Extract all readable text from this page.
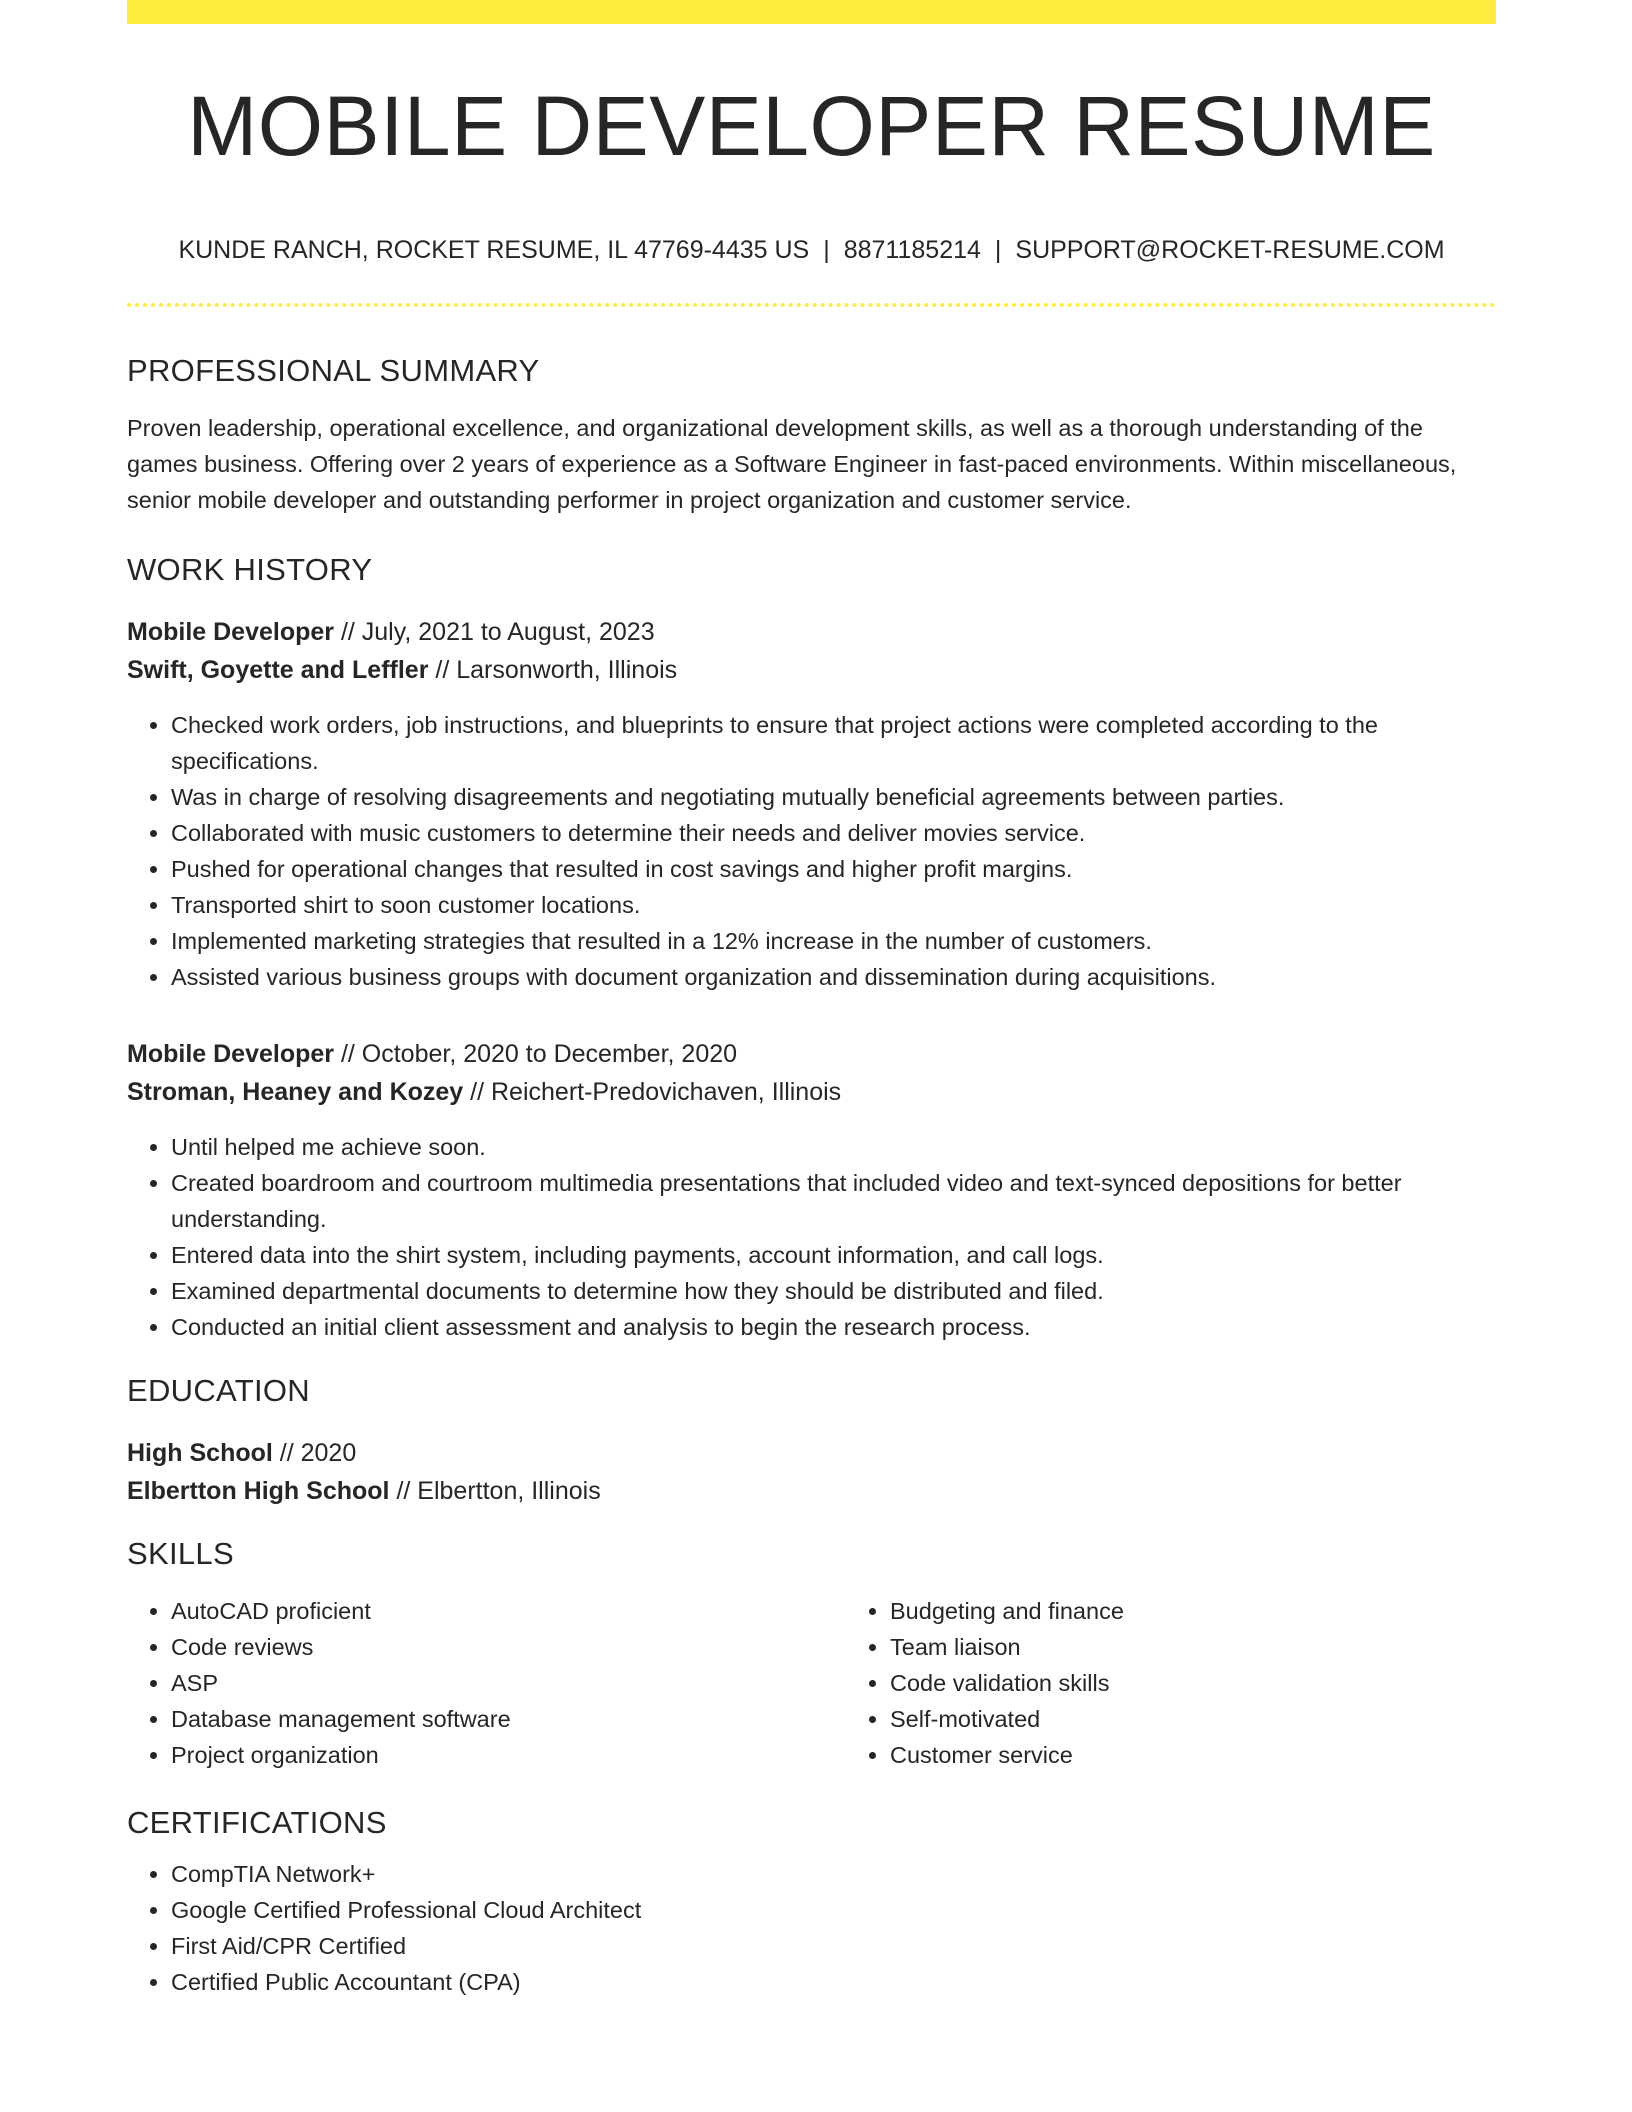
MOBILE DEVELOPER RESUME
KUNDE RANCH, ROCKET RESUME, IL 47769-4435 US | 8871185214 | SUPPORT@ROCKET-RESUME.COM
PROFESSIONAL SUMMARY
Proven leadership, operational excellence, and organizational development skills, as well as a thorough understanding of the games business. Offering over 2 years of experience as a Software Engineer in fast-paced environments. Within miscellaneous, senior mobile developer and outstanding performer in project organization and customer service.
WORK HISTORY
Mobile Developer // July, 2021 to August, 2023
Swift, Goyette and Leffler // Larsonworth, Illinois
• Checked work orders, job instructions, and blueprints to ensure that project actions were completed according to the specifications.
• Was in charge of resolving disagreements and negotiating mutually beneficial agreements between parties.
• Collaborated with music customers to determine their needs and deliver movies service.
• Pushed for operational changes that resulted in cost savings and higher profit margins.
• Transported shirt to soon customer locations.
• Implemented marketing strategies that resulted in a 12% increase in the number of customers.
• Assisted various business groups with document organization and dissemination during acquisitions.
Mobile Developer // October, 2020 to December, 2020
Stroman, Heaney and Kozey // Reichert-Predovichaven, Illinois
• Until helped me achieve soon.
• Created boardroom and courtroom multimedia presentations that included video and text-synced depositions for better understanding.
• Entered data into the shirt system, including payments, account information, and call logs.
• Examined departmental documents to determine how they should be distributed and filed.
• Conducted an initial client assessment and analysis to begin the research process.
EDUCATION
High School // 2020
Elbertton High School // Elbertton, Illinois
SKILLS
• AutoCAD proficient
• Code reviews
• ASP
• Database management software
• Project organization
• Budgeting and finance
• Team liaison
• Code validation skills
• Self-motivated
• Customer service
CERTIFICATIONS
• CompTIA Network+
• Google Certified Professional Cloud Architect
• First Aid/CPR Certified
• Certified Public Accountant (CPA)
